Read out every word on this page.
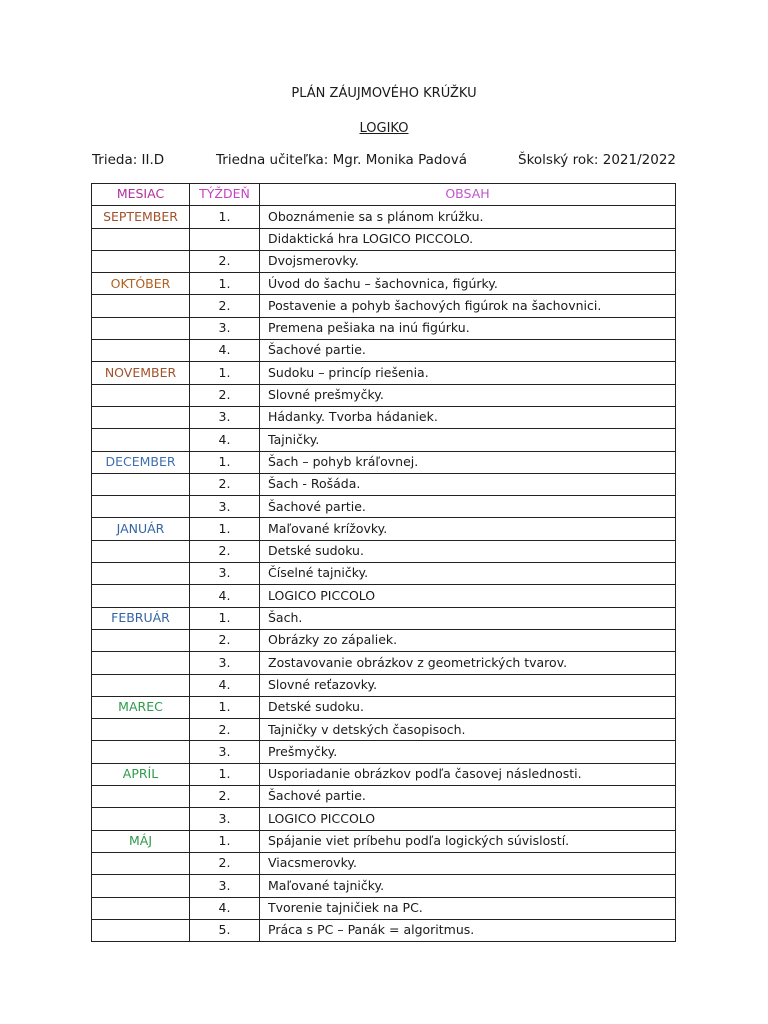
PLÁN ZÁUJMOVÉHO KRÚŽKU
LOGIKO
Trieda: II.D	Triedna učiteľka: Mgr. Monika Padová	Školský rok: 2021/2022
MESIAC	TÝŽDEŇ	OBSAH
SEPTEMBER	1.	Oboznámenie sa s plánom krúžku.
		Didaktická hra LOGICO PICCOLO.
	2.	Dvojsmerovky.
OKTÓBER	1.	Úvod do šachu – šachovnica, figúrky.
	2.	Postavenie a pohyb šachových figúrok na šachovnici.
	3.	Premena pešiaka na inú figúrku.
	4.	Šachové partie.
NOVEMBER	1.	Sudoku – princíp riešenia.
	2.	Slovné prešmyčky.
	3.	Hádanky. Tvorba hádaniek.
	4.	Tajničky.
DECEMBER	1.	Šach – pohyb kráľovnej.
	2.	Šach - Rošáda.
	3.	Šachové partie.
JANUÁR	1.	Maľované krížovky.
	2.	Detské sudoku.
	3.	Číselné tajničky.
	4.	LOGICO PICCOLO
FEBRUÁR	1.	Šach.
	2.	Obrázky zo zápaliek.
	3.	Zostavovanie obrázkov z geometrických tvarov.
	4.	Slovné reťazovky.
MAREC	1.	Detské sudoku.
	2.	Tajničky v detských časopisoch.
	3.	Prešmyčky.
APRÍL	1.	Usporiadanie obrázkov podľa časovej následnosti.
	2.	Šachové partie.
	3.	LOGICO PICCOLO
MÁJ	1.	Spájanie viet príbehu podľa logických súvislostí.
	2.	Viacsmerovky.
	3.	Maľované tajničky.
	4.	Tvorenie tajničiek na PC.
	5.	Práca s PC – Panák = algoritmus.
